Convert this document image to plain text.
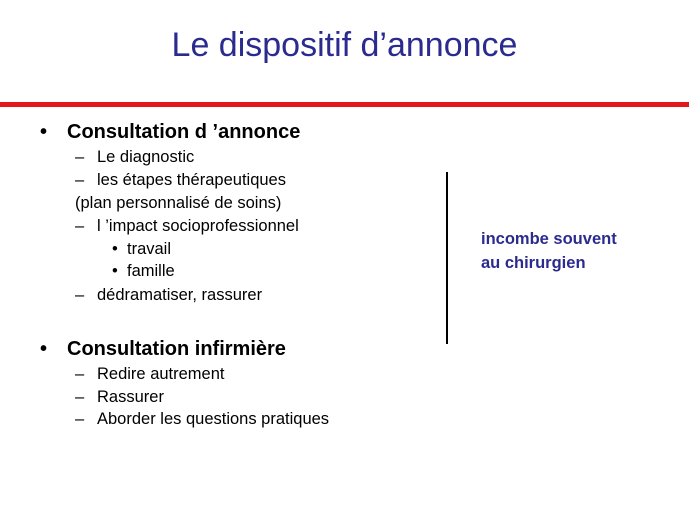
Le dispositif d’annonce
• Consultation d ’annonce
– Le diagnostic
– les étapes thérapeutiques
(plan personnalisé de soins)
– l ’impact socioprofessionnel
• travail
• famille
– dédramatiser, rassurer
• Consultation infirmière
– Redire autrement
– Rassurer
– Aborder les questions pratiques
incombe souvent
au chirurgien
